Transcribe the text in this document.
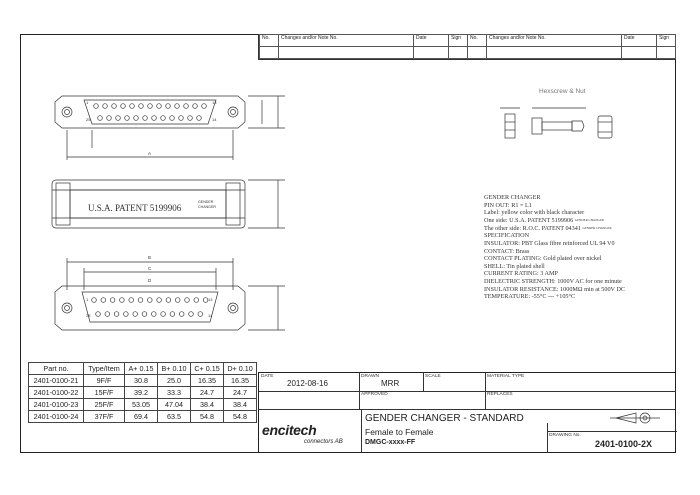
No.	Changes and/or Note No.	Date	Sign	No.	Changes and/or Note No.	Date	Sign

Hexscrew & Nut
U.S.A. PATENT 5199906
GENDER
CHANGER
1	13
25	14
1	13
25	14
A
B
C
D
GENDER CHANGER
PIN OUT: R1 = L1
Label: yellow color with black character
One side: U.S.A. PATENT 5199906 GENDER CHANGER
The other side: R.O.C. PATENT 04341 GENDER CHANGER
SPECIFICATION
INSULATOR: PBT Glass fibre reinforced UL 94 V0
CONTACT: Brass
CONTACT PLATING: Gold plated over nickel
SHELL: Tin plated shell
CURRENT RATING: 3 AMP
DIELECTRIC STRENGTH: 1000V AC for one minute
INSULATOR RESISTANCE: 1000MΩ min at 500V DC
TEMPERATURE: -55°C --- +105°C
Part no.	Type/Item	A+ 0.15	B+ 0.10	C+ 0.15	D+ 0.10
2401-0100-21	9F/F	30.8	25.0	16.35	16.35
2401-0100-22	15F/F	39.2	33.3	24.7	24.7
2401-0100-23	25F/F	53.05	47.04	38.4	38.4
2401-0100-24	37F/F	69.4	63.5	54.8	54.8
DATE
2012-08-16
DRAWN
MRR
SCALE	MATERIAL TYPE
APPROVED	REPLACES
GENDER CHANGER - STANDARD
Female to Female
DMGC-xxxx-FF
DRAWING No.
2401-0100-2X
encitech
connectors AB
